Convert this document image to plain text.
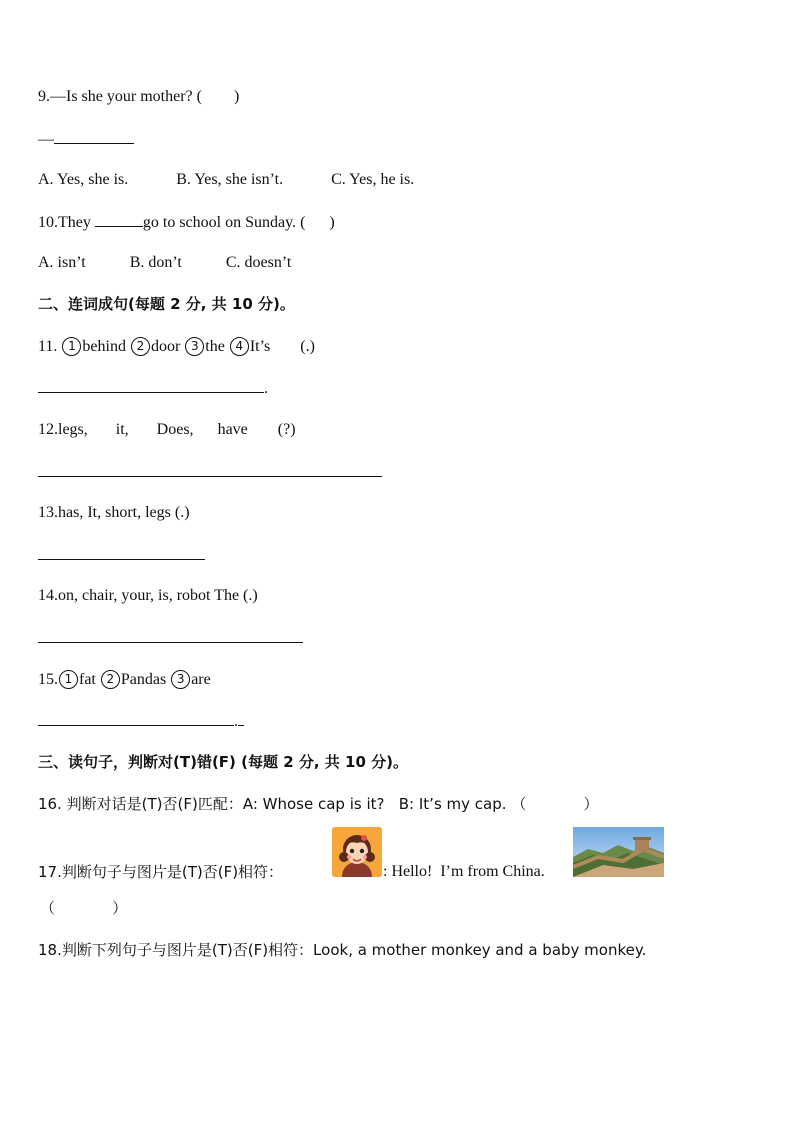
9.—Is she your mother? (        )
—
A. Yes, she is.	B. Yes, she isn’t.	C. Yes, he is.
10.They	go to school on Sunday. (      )
A. isn’t	B. don’t	C. doesn’t
二、连词成句(每题 2 分, 共 10 分)。
11. 1 behind 2 door 3 the 4 It’s (.)
.
12.legs, it, Does, have (?)
13.has, It, short, legs (.)
14.on, chair, your, is, robot The (.)
15. 1 fat 2 Pandas 3 are
.
三、读句子，判断对(T)错(F) (每题 2 分, 共 10 分)。
16. 判断对话是(T)否(F)匹配：A: Whose cap is it?   B: It’s my cap. （            ）
17.判断句子与图片是(T)否(F)相符：	: Hello!  I’m from China.
（            ）
18.判断下列句子与图片是(T)否(F)相符：Look, a mother monkey and a baby monkey.
